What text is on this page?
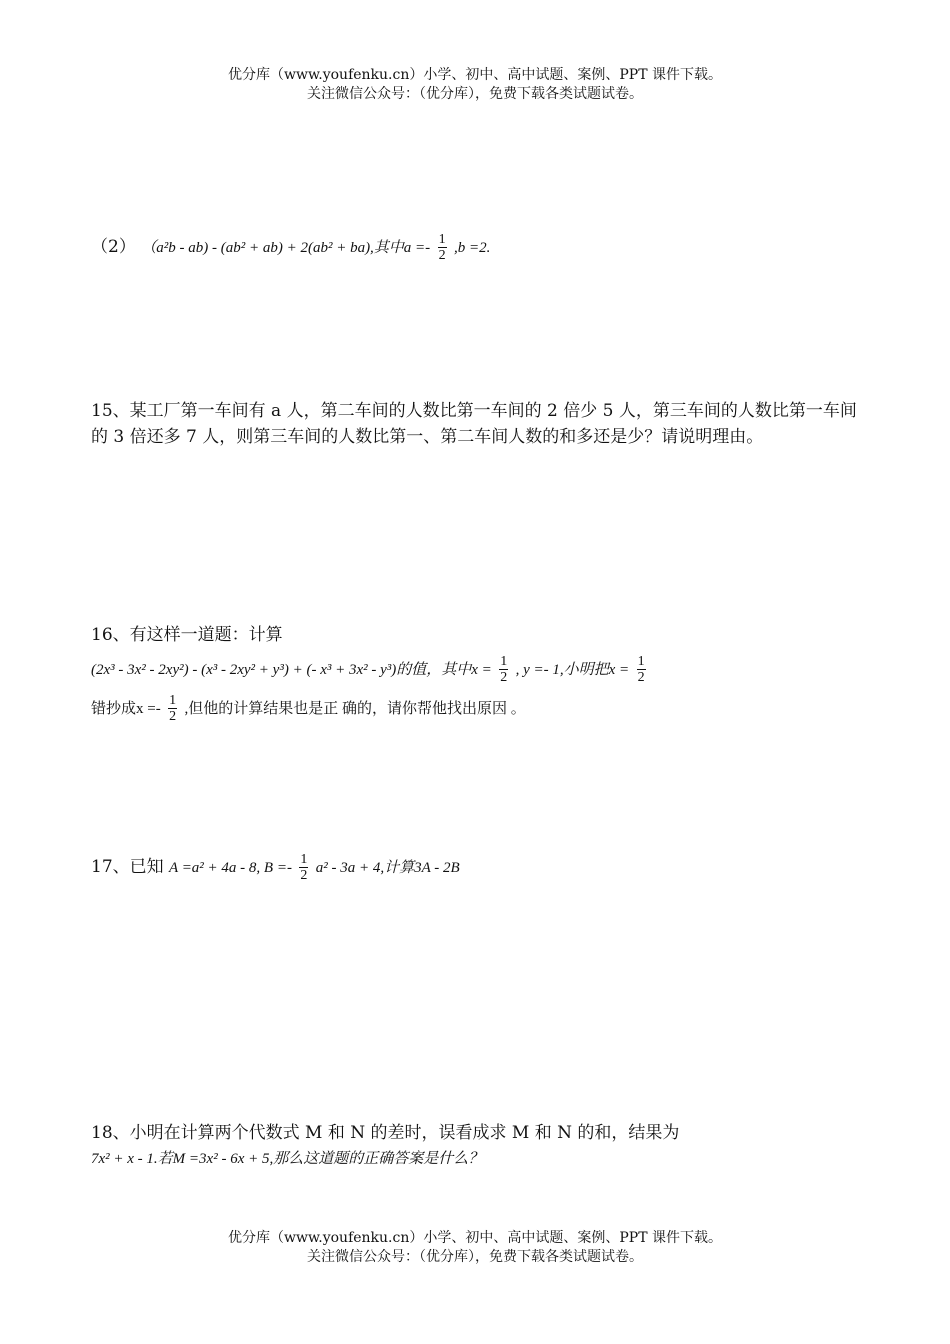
优分库（www.youfenku.cn）小学、初中、高中试题、案例、PPT 课件下载。
关注微信公众号：（优分库），免费下载各类试题试卷。
（2） （a²b - ab) - (ab² + ab) + 2(ab² + ba),其中$a =- \frac{1}{2} ,b =2$.
15、某工厂第一车间有 a 人，第二车间的人数比第一车间的 2 倍少 5 人，第三车间的人数比第一车间的 3 倍还多 7 人，则第三车间的人数比第一、第二车间人数的和多还是少？请说明理由。
16、有这样一道题：计算
(2x³ - 3x² - 2xy²) - (x³ - 2xy² + y³) + (- x³ + 3x² - y³)的值，其中$x = \frac{1}{2}$ , y =- 1,小明把$x = \frac{1}{2}$
错抄成$x =- \frac{1}{2}$ ,但他的计算结果也是正 确的，请你帮他找出原因 。
17、已知 A =a² + 4a - 8, $B =- \frac{1}{2} a^2 - 3a + 4$,计算3A - 2B
18、小明在计算两个代数式 M 和 N 的差时，误看成求 M 和 N 的和，结果为
7x² + x - 1.若M =3x² - 6x + 5,那么这道题的正确答案是什么？
优分库（www.youfenku.cn）小学、初中、高中试题、案例、PPT 课件下载。
关注微信公众号：（优分库），免费下载各类试题试卷。
